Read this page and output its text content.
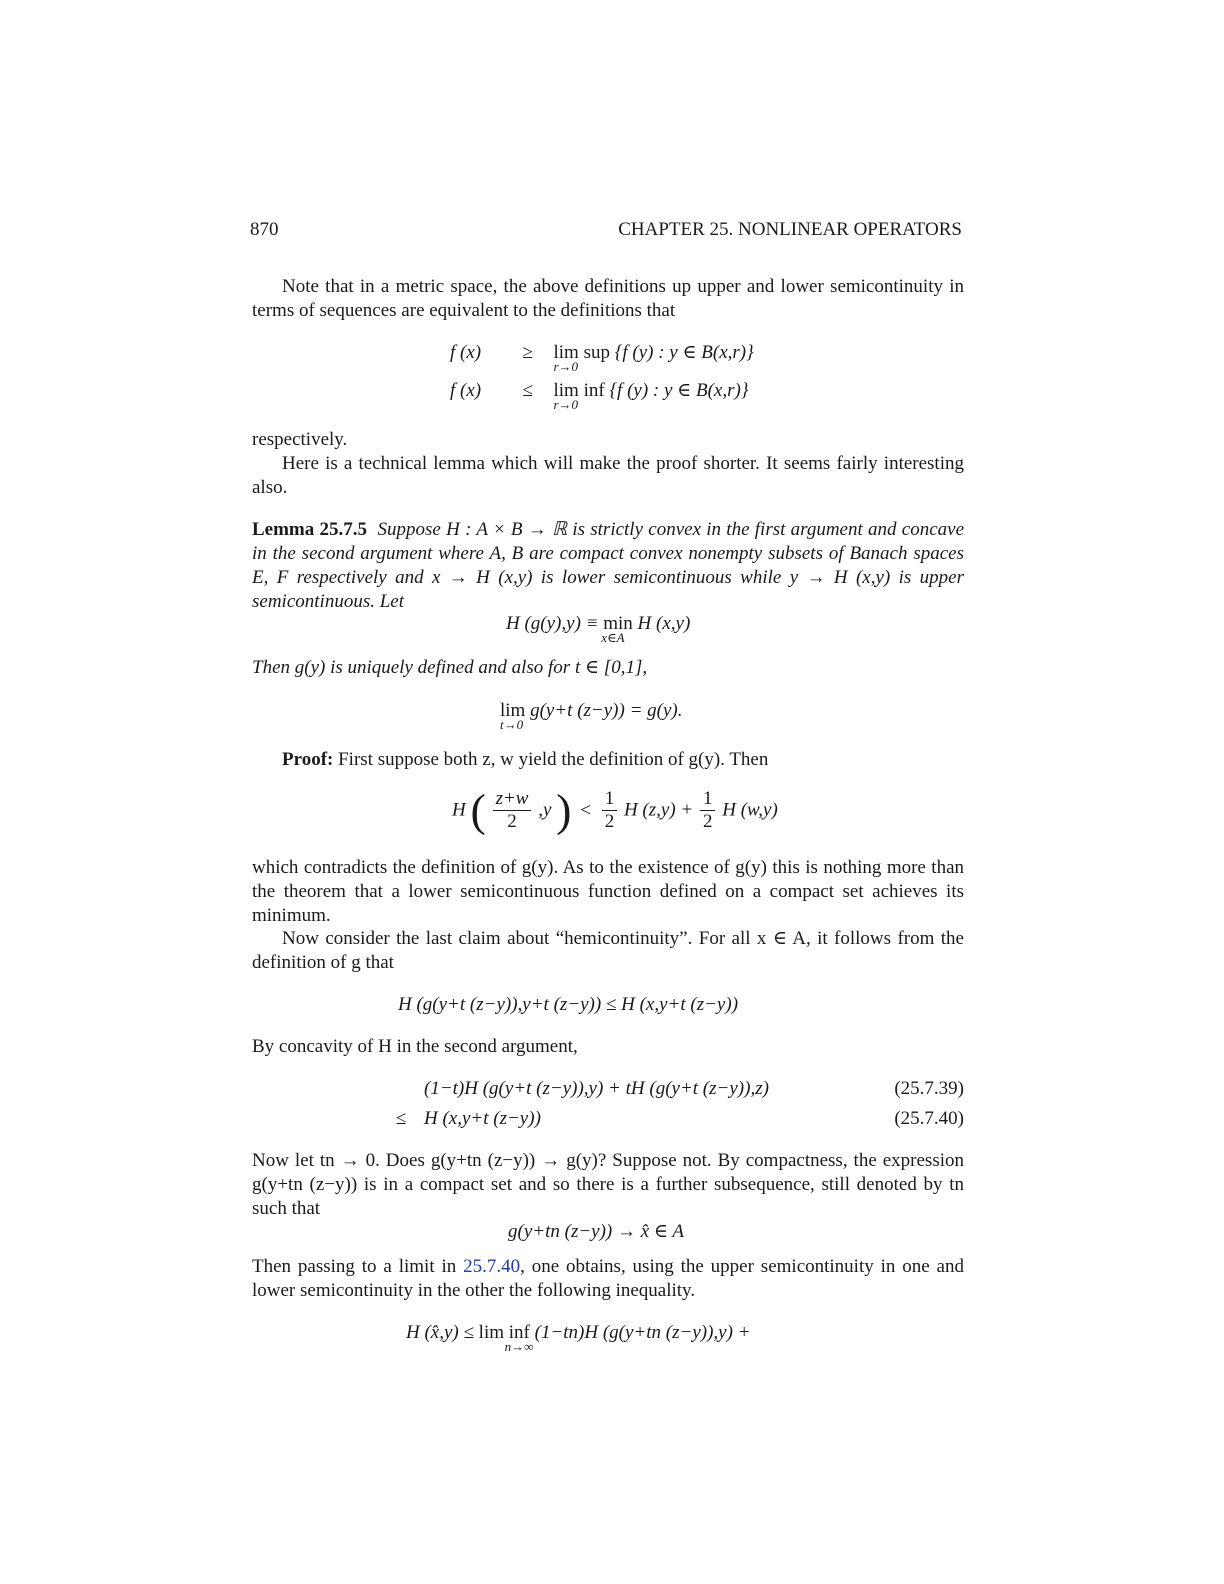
870	CHAPTER 25. NONLINEAR OPERATORS

Note that in a metric space, the above definitions up upper and lower semicontinuity in terms of sequences are equivalent to the definitions that

f (x) ≥ lim sup
r→0
{f (y) : y ∈ B(x,r)}
f (x) ≤ lim inf
r→0
{f (y) : y ∈ B(x,r)}

respectively.

Here is a technical lemma which will make the proof shorter. It seems fairly interesting also.

Lemma 25.7.5 Suppose H : A × B → ℝ is strictly convex in the first argument and concave in the second argument where A, B are compact convex nonempty subsets of Banach spaces E, F respectively and x → H (x,y) is lower semicontinuous while y → H (x,y) is upper semicontinuous. Let

H (g(y),y) ≡ min
x∈A
H (x,y)

Then g(y) is uniquely defined and also for t ∈ [0,1],

lim
t→0
g(y+t (z−y)) = g(y).

Proof: First suppose both z, w yield the definition of g(y). Then

H ( $\frac{z+w}{2} ,y$ ) < $\frac{1}{2}$ H $(z,y) + \frac{1}{2}$ H (w,y)

which contradicts the definition of g(y). As to the existence of g(y) this is nothing more than the theorem that a lower semicontinuous function defined on a compact set achieves its minimum.

Now consider the last claim about “hemicontinuity”. For all x ∈ A, it follows from the definition of g that

H (g(y+t (z−y)),y+t (z−y)) ≤ H (x,y+t (z−y))

By concavity of H in the second argument,

(1−t)H (g(y+t (z−y)),y) + tH (g(y+t (z−y)),z)	(25.7.39)
≤ H (x,y+t (z−y))	(25.7.40)

Now let tn → 0. Does g(y+tn (z−y)) → g(y)? Suppose not. By compactness, the expression g(y+tn (z−y)) is in a compact set and so there is a further subsequence, still denoted by tn such that

g(y+tn (z−y)) → x̂ ∈ A

Then passing to a limit in 25.7.40, one obtains, using the upper semicontinuity in one and lower semicontinuity in the other the following inequality.

H (x̂,y) ≤ lim inf
n→∞
(1−tn)H (g(y+tn (z−y)),y) +
